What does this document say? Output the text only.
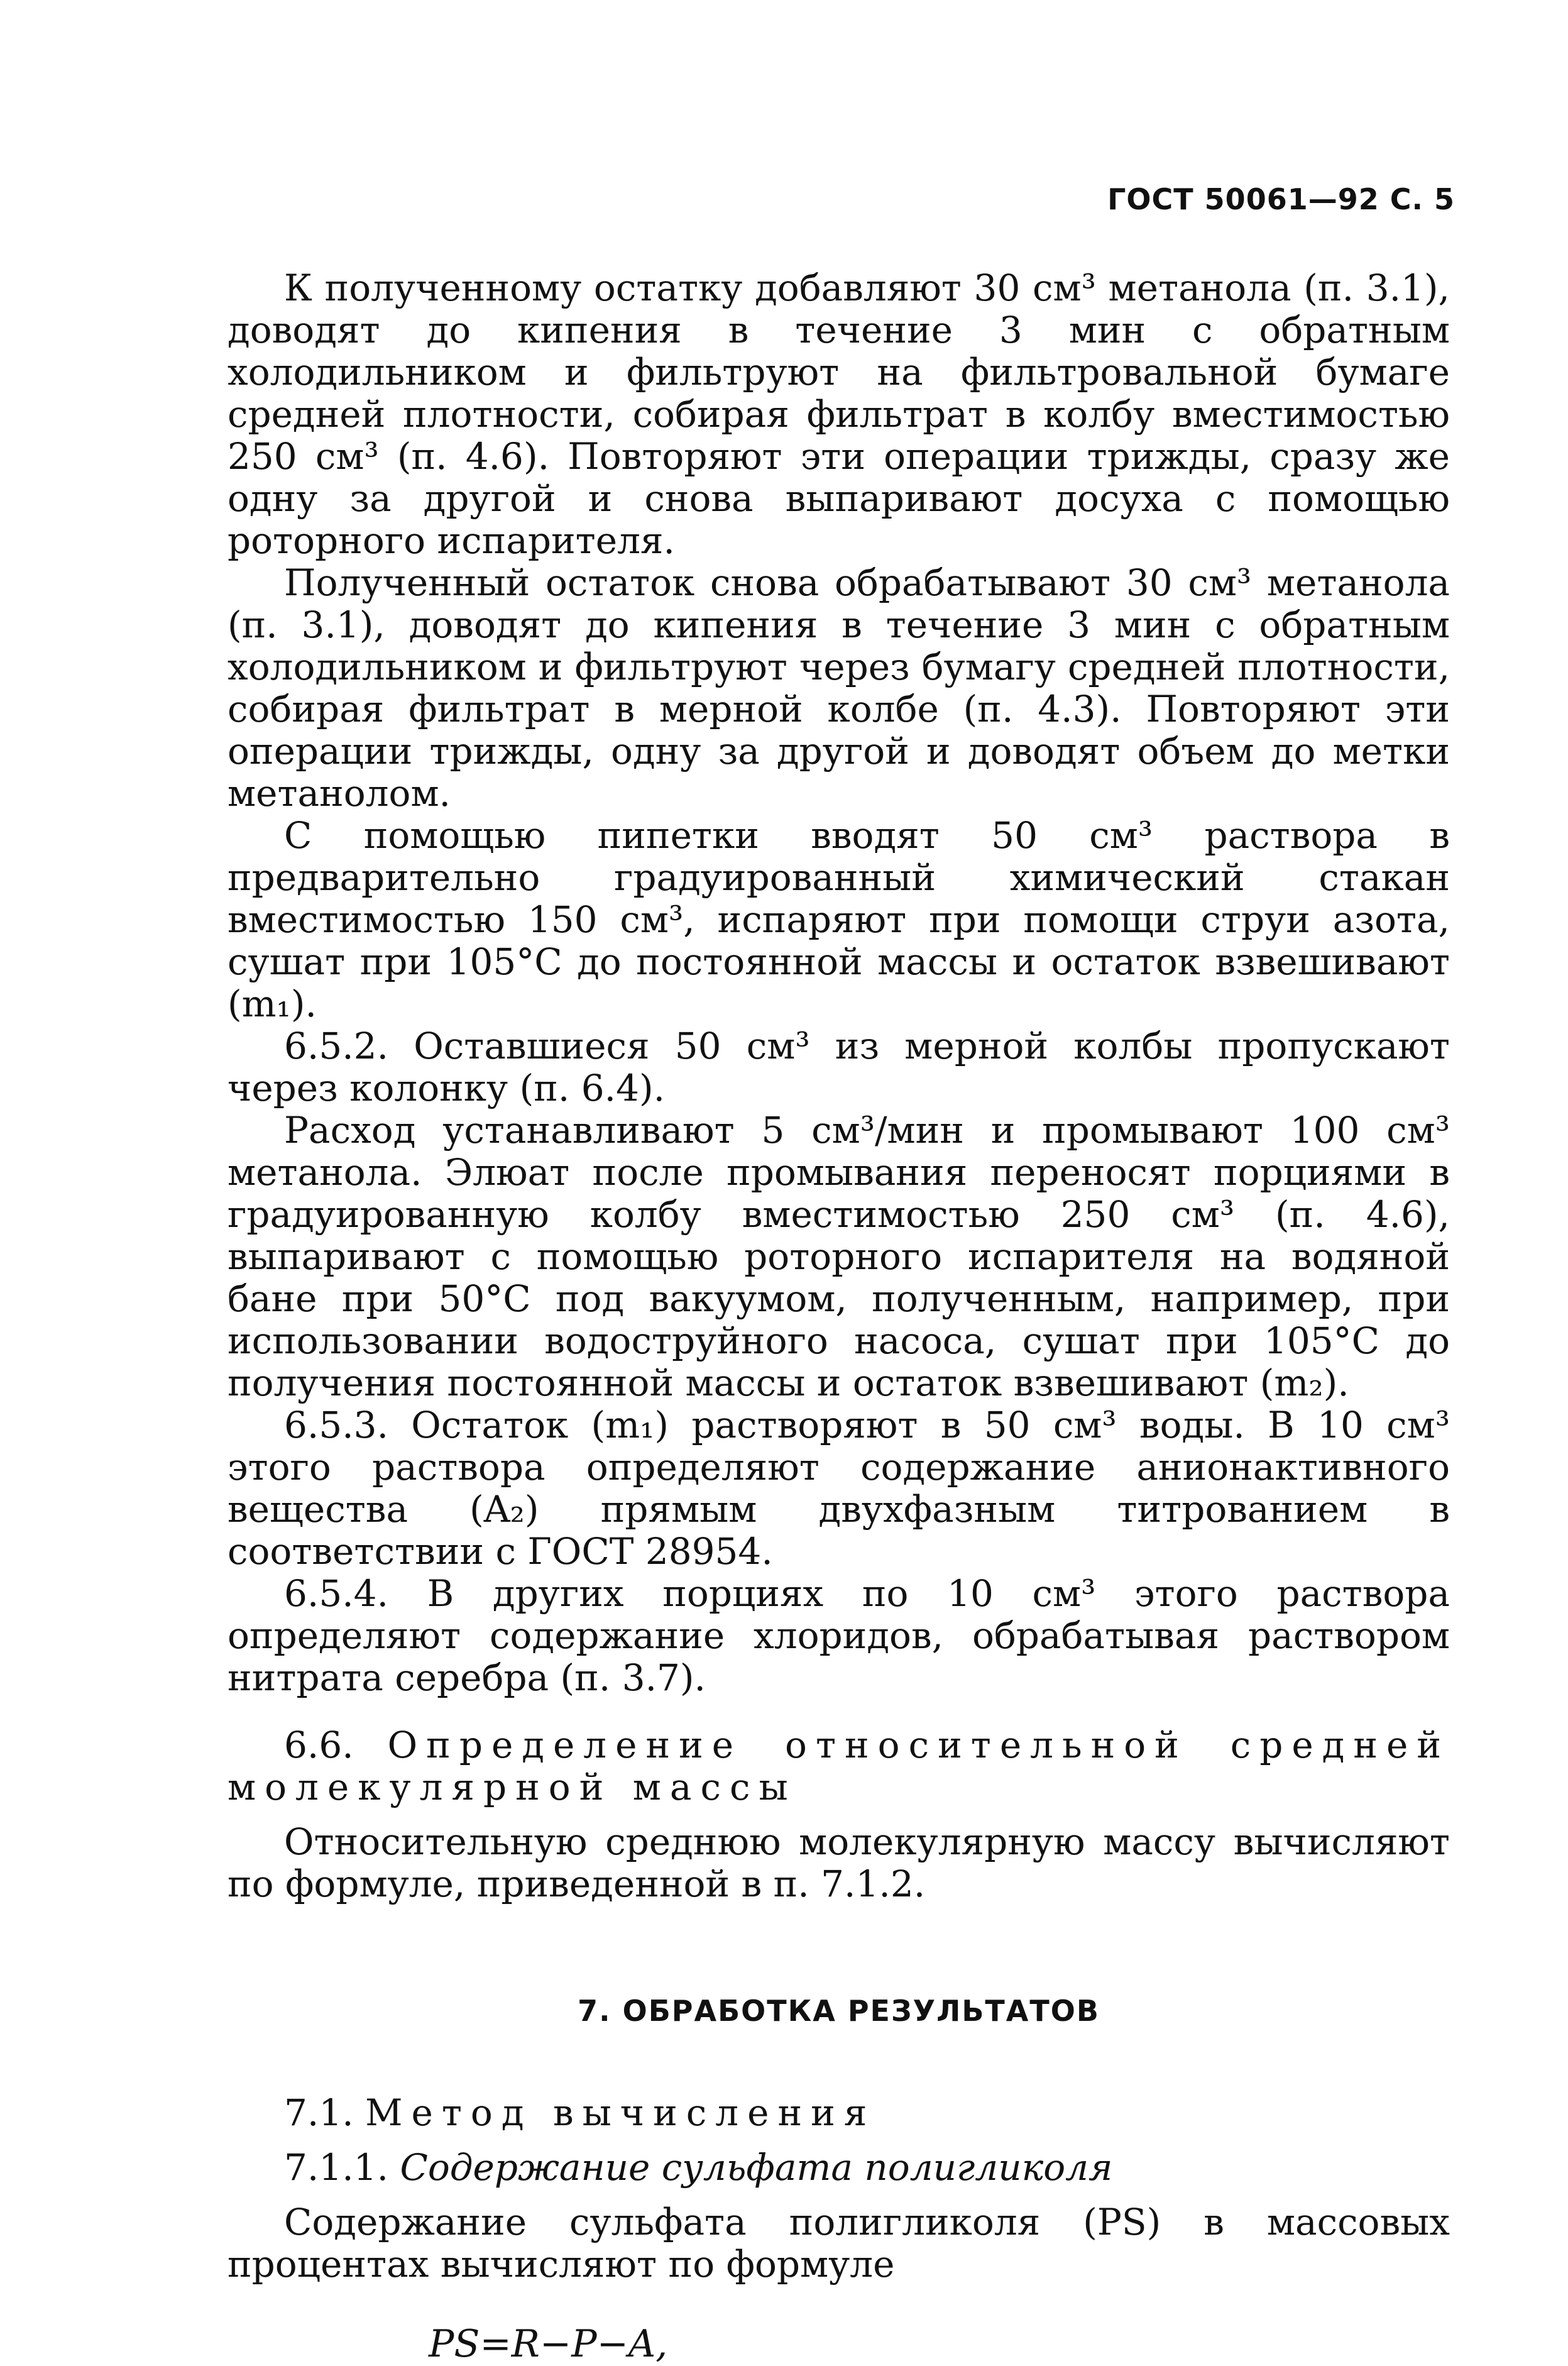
ГОСТ 50061—92 С. 5

К полученному остатку добавляют 30 см³ метанола (п. 3.1), доводят до кипения в течение 3 мин с обратным холодильником и фильтруют на фильтровальной бумаге средней плотности, собирая фильтрат в колбу вместимостью 250 см³ (п. 4.6). Повторяют эти операции трижды, сразу же одну за другой и снова выпаривают досуха с помощью роторного испарителя.

Полученный остаток снова обрабатывают 30 см³ метанола (п. 3.1), доводят до кипения в течение 3 мин с обратным холодильником и фильтруют через бумагу средней плотности, собирая фильтрат в мерной колбе (п. 4.3). Повторяют эти операции трижды, одну за другой и доводят объем до метки метанолом.

С помощью пипетки вводят 50 см³ раствора в предварительно градуированный химический стакан вместимостью 150 см³, испаряют при помощи струи азота, сушат при 105°С до постоянной массы и остаток взвешивают (m₁).

6.5.2. Оставшиеся 50 см³ из мерной колбы пропускают через колонку (п. 6.4).

Расход устанавливают 5 см³/мин и промывают 100 см³ метанола. Элюат после промывания переносят порциями в градуированную колбу вместимостью 250 см³ (п. 4.6), выпаривают с помощью роторного испарителя на водяной бане при 50°С под вакуумом, полученным, например, при использовании водоструйного насоса, сушат при 105°С до получения постоянной массы и остаток взвешивают (m₂).

6.5.3. Остаток (m₁) растворяют в 50 см³ воды. В 10 см³ этого раствора определяют содержание анионактивного вещества (A₂) прямым двухфазным титрованием в соответствии с ГОСТ 28954.

6.5.4. В других порциях по 10 см³ этого раствора определяют содержание хлоридов, обрабатывая раствором нитрата серебра (п. 3.7).

6.6. Определение относительной средней молекулярной массы

Относительную среднюю молекулярную массу вычисляют по формуле, приведенной в п. 7.1.2.

7. ОБРАБОТКА РЕЗУЛЬТАТОВ

7.1. Метод вычисления

7.1.1. Содержание сульфата полигликоля

Содержание сульфата полигликоля (PS) в массовых процентах вычисляют по формуле

PS=R−P−A,
